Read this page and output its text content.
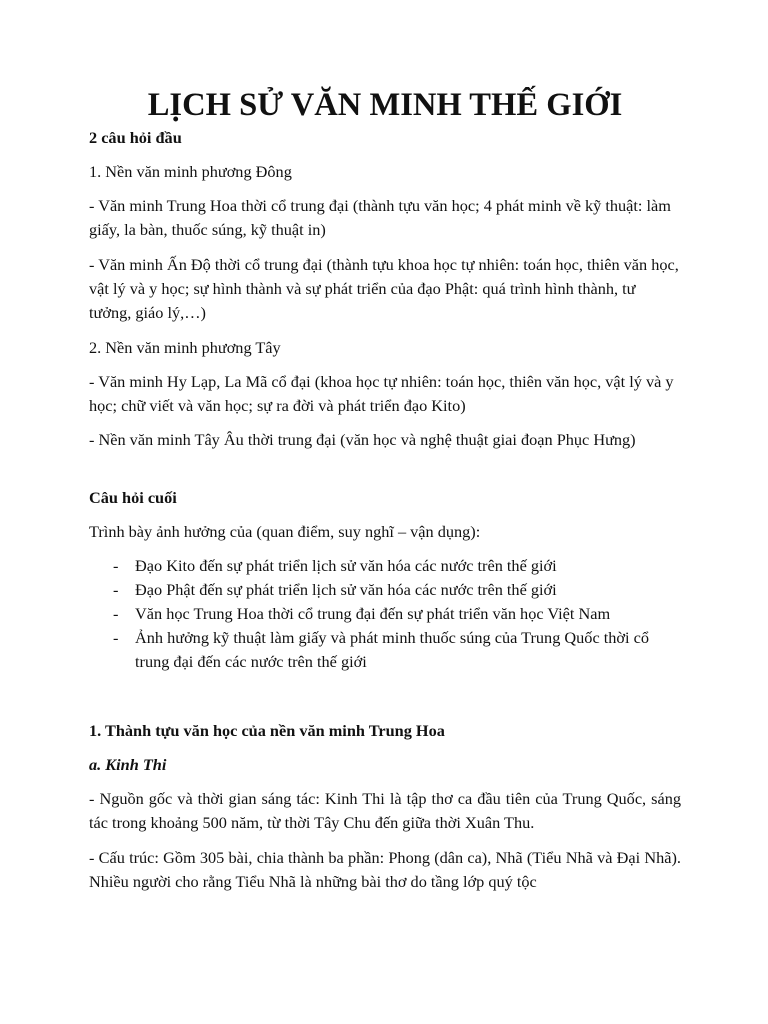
LỊCH SỬ VĂN MINH THẾ GIỚI

2 câu hỏi đầu

1. Nền văn minh phương Đông

- Văn minh Trung Hoa thời cổ trung đại (thành tựu văn học; 4 phát minh về kỹ thuật: làm giấy, la bàn, thuốc súng, kỹ thuật in)

- Văn minh Ấn Độ thời cổ trung đại (thành tựu khoa học tự nhiên: toán học, thiên văn học, vật lý và y học; sự hình thành và sự phát triển của đạo Phật: quá trình hình thành, tư tưởng, giáo lý,…)

2. Nền văn minh phương Tây

- Văn minh Hy Lạp, La Mã cổ đại (khoa học tự nhiên: toán học, thiên văn học, vật lý và y học; chữ viết và văn học; sự ra đời và phát triển đạo Kito)

- Nền văn minh Tây Âu thời trung đại (văn học và nghệ thuật giai đoạn Phục Hưng)

Câu hỏi cuối

Trình bày ảnh hưởng của (quan điểm, suy nghĩ – vận dụng):

- Đạo Kito đến sự phát triển lịch sử văn hóa các nước trên thế giới
- Đạo Phật đến sự phát triển lịch sử văn hóa các nước trên thế giới
- Văn học Trung Hoa thời cổ trung đại đến sự phát triển văn học Việt Nam
- Ảnh hưởng kỹ thuật làm giấy và phát minh thuốc súng của Trung Quốc thời cổ trung đại đến các nước trên thế giới

1. Thành tựu văn học của nền văn minh Trung Hoa

a. Kinh Thi

- Nguồn gốc và thời gian sáng tác: Kinh Thi là tập thơ ca đầu tiên của Trung Quốc, sáng tác trong khoảng 500 năm, từ thời Tây Chu đến giữa thời Xuân Thu.

- Cấu trúc: Gồm 305 bài, chia thành ba phần: Phong (dân ca), Nhã (Tiểu Nhã và Đại Nhã). Nhiều người cho rằng Tiểu Nhã là những bài thơ do tầng lớp quý tộc
